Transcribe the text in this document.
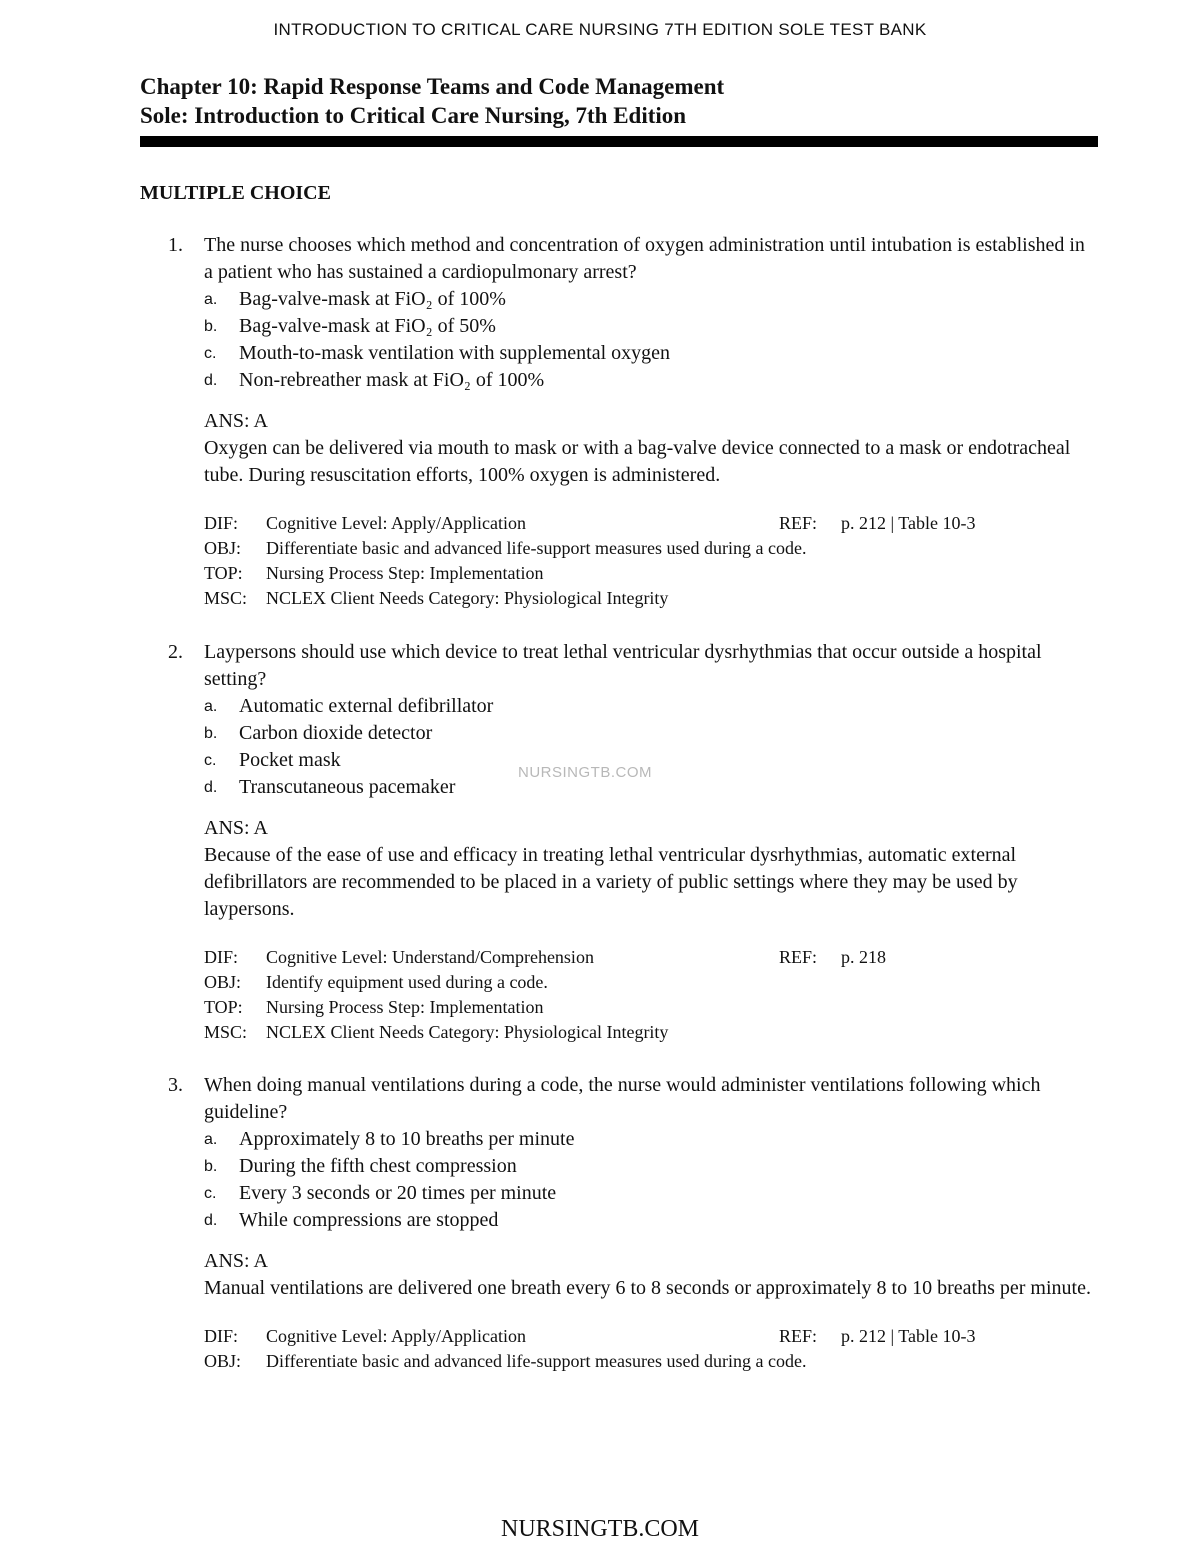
INTRODUCTION TO CRITICAL CARE NURSING 7TH EDITION SOLE TEST BANK
Chapter 10: Rapid Response Teams and Code Management
Sole: Introduction to Critical Care Nursing, 7th Edition
MULTIPLE CHOICE
1.	The nurse chooses which method and concentration of oxygen administration until intubation is established in a patient who has sustained a cardiopulmonary arrest?
a.	Bag-valve-mask at FiO₂ of 100%
b.	Bag-valve-mask at FiO₂ of 50%
c.	Mouth-to-mask ventilation with supplemental oxygen
d.	Non-rebreather mask at FiO₂ of 100%
ANS: A
Oxygen can be delivered via mouth to mask or with a bag-valve device connected to a mask or endotracheal tube. During resuscitation efforts, 100% oxygen is administered.
DIF:	Cognitive Level: Apply/Application	REF:	p. 212 | Table 10-3
OBJ:	Differentiate basic and advanced life-support measures used during a code.
TOP:	Nursing Process Step: Implementation
MSC:	NCLEX Client Needs Category: Physiological Integrity
2.	Laypersons should use which device to treat lethal ventricular dysrhythmias that occur outside a hospital setting?
a.	Automatic external defibrillator
b.	Carbon dioxide detector
c.	Pocket mask
d.	Transcutaneous pacemaker
ANS: A
Because of the ease of use and efficacy in treating lethal ventricular dysrhythmias, automatic external defibrillators are recommended to be placed in a variety of public settings where they may be used by laypersons.
DIF:	Cognitive Level: Understand/Comprehension	REF:	p. 218
OBJ:	Identify equipment used during a code.
TOP:	Nursing Process Step: Implementation
MSC:	NCLEX Client Needs Category: Physiological Integrity
3.	When doing manual ventilations during a code, the nurse would administer ventilations following which guideline?
a.	Approximately 8 to 10 breaths per minute
b.	During the fifth chest compression
c.	Every 3 seconds or 20 times per minute
d.	While compressions are stopped
ANS: A
Manual ventilations are delivered one breath every 6 to 8 seconds or approximately 8 to 10 breaths per minute.
DIF:	Cognitive Level: Apply/Application	REF:	p. 212 | Table 10-3
OBJ:	Differentiate basic and advanced life-support measures used during a code.
NURSINGTB.COM
NURSINGTB.COM
